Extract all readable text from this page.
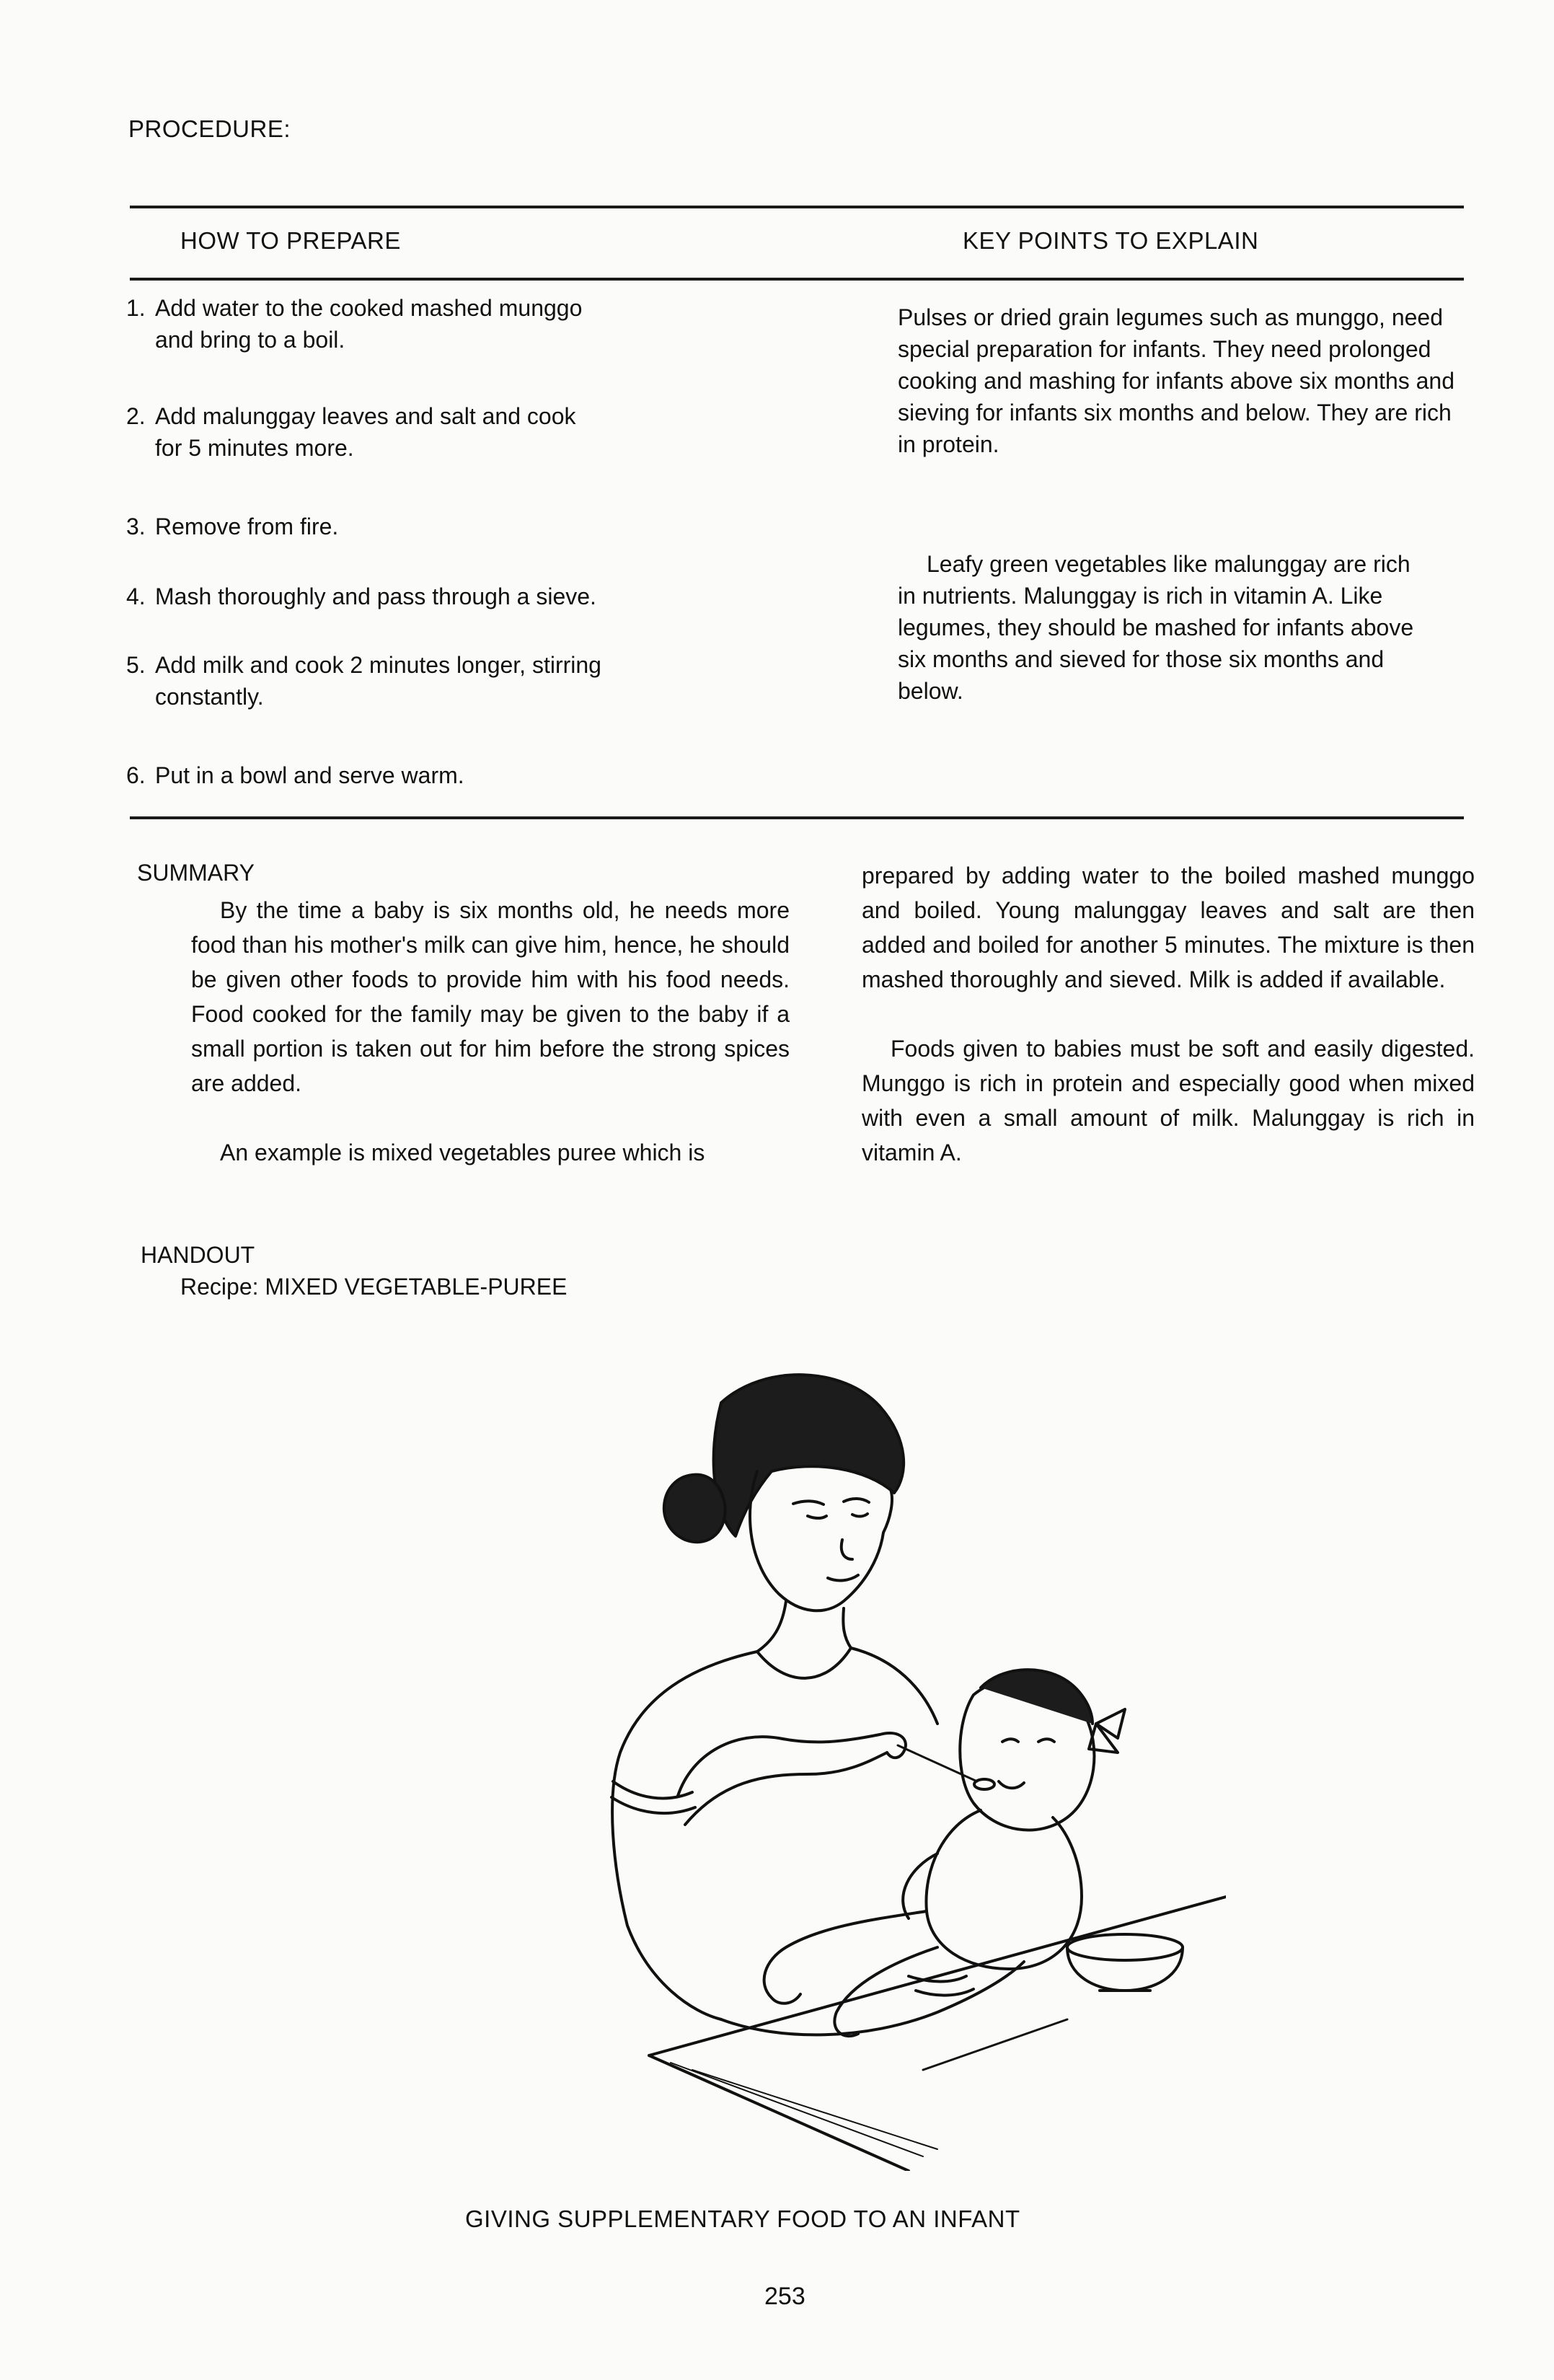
PROCEDURE:
HOW TO PREPARE	KEY POINTS TO EXPLAIN
1. Add water to the cooked mashed munggo
and bring to a boil.
2. Add malunggay leaves and salt and cook
for 5 minutes more.
3. Remove from fire.
4. Mash thoroughly and pass through a sieve.
5. Add milk and cook 2 minutes longer, stirring
constantly.
6. Put in a bowl and serve warm.
Pulses or dried grain legumes such as munggo, need special preparation for infants. They need prolonged cooking and mashing for infants above six months and sieving for infants six months and below. They are rich in protein.
Leafy green vegetables like malunggay are rich in nutrients. Malunggay is rich in vitamin A. Like legumes, they should be mashed for infants above six months and sieved for those six months and below.
SUMMARY
By the time a baby is six months old, he needs more food than his mother's milk can give him, hence, he should be given other foods to provide him with his food needs. Food cooked for the family may be given to the baby if a small portion is taken out for him before the strong spices are added.
An example is mixed vegetables puree which is
prepared by adding water to the boiled mashed munggo and boiled. Young malunggay leaves and salt are then added and boiled for another 5 minutes. The mixture is then mashed thoroughly and sieved. Milk is added if available.
Foods given to babies must be soft and easily digested. Munggo is rich in protein and especially good when mixed with even a small amount of milk. Malunggay is rich in vitamin A.
HANDOUT
Recipe: MIXED VEGETABLE-PUREE
GIVING SUPPLEMENTARY FOOD TO AN INFANT
253
